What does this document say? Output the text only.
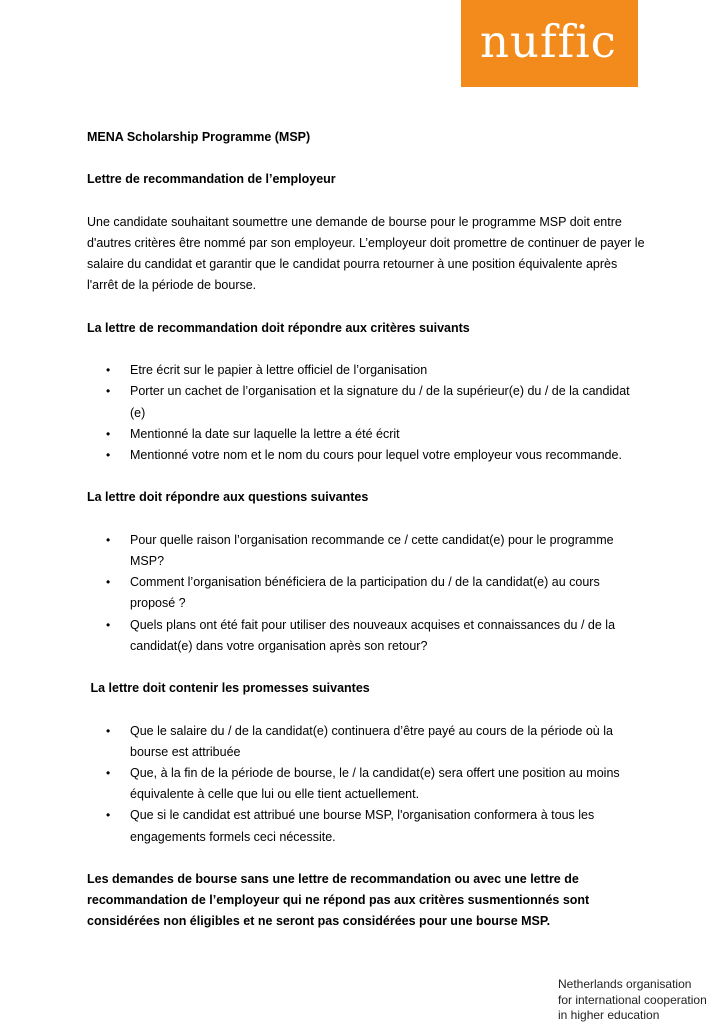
nuffic

MENA Scholarship Programme (MSP)

Lettre de recommandation de l’employeur

Une candidate souhaitant soumettre une demande de bourse pour le programme MSP doit entre d'autres critères être nommé par son employeur. L’employeur doit promettre de continuer de payer le salaire du candidat et garantir que le candidat pourra retourner à une position équivalente après l'arrêt de la période de bourse.

La lettre de recommandation doit répondre aux critères suivants

• Etre écrit sur le papier à lettre officiel de l’organisation
• Porter un cachet de l’organisation et la signature du / de la supérieur(e) du / de la candidat (e)
• Mentionné la date sur laquelle la lettre a été écrit
• Mentionné votre nom et le nom du cours pour lequel votre employeur vous recommande.

La lettre doit répondre aux questions suivantes

• Pour quelle raison l’organisation recommande ce / cette candidat(e) pour le programme MSP?
• Comment l’organisation bénéficiera de la participation du / de la candidat(e) au cours proposé ?
• Quels plans ont été fait pour utiliser des nouveaux acquises et connaissances du / de la candidat(e) dans votre organisation après son retour?

La lettre doit contenir les promesses suivantes

• Que le salaire du / de la candidat(e) continuera d’être payé au cours de la période où la bourse est attribuée
• Que, à la fin de la période de bourse, le / la candidat(e) sera offert une position au moins équivalente à celle que lui ou elle tient actuellement.
• Que si le candidat est attribué une bourse MSP, l'organisation conformera à tous les engagements formels ceci nécessite.

Les demandes de bourse sans une lettre de recommandation ou avec une lettre de recommandation de l’employeur qui ne répond pas aux critères susmentionnés sont considérées non éligibles et ne seront pas considérées pour une bourse MSP.

Netherlands organisation
for international cooperation
in higher education
